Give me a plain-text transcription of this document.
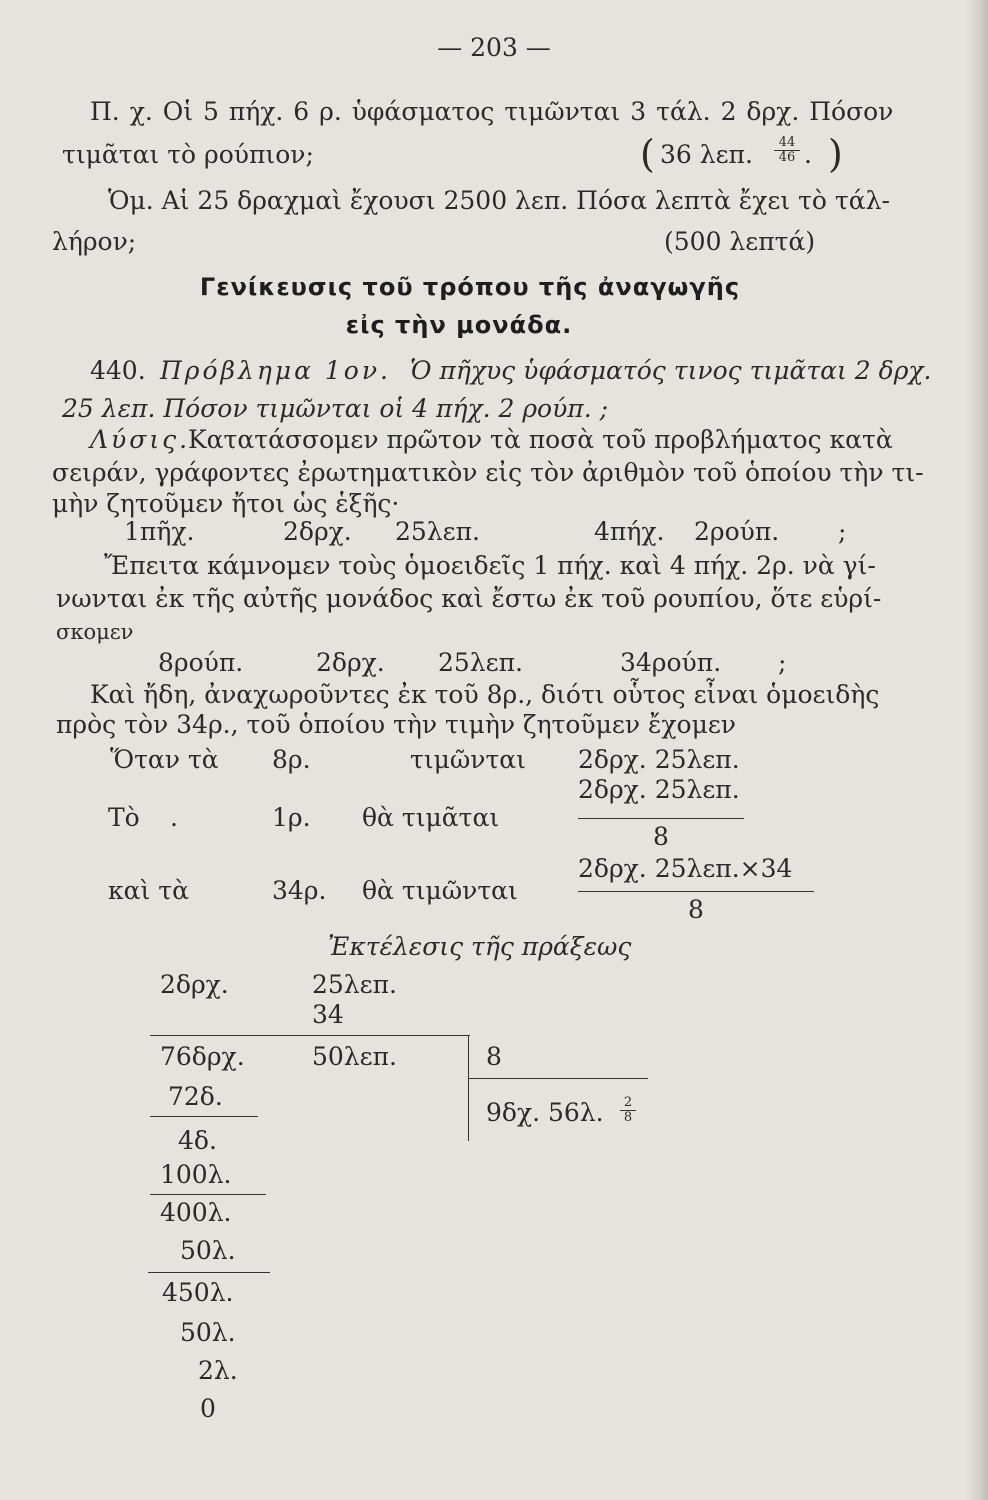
— 203 —
Π. χ. Οἱ 5 πήχ. 6 ρ. ὑφάσματος τιμῶνται 3 τάλ. 2 δρχ. Πόσον
τιμᾶται τὸ ρούπιον;	( 36 λεπ. $\frac{44}{46}$ . )
Ὁμ. Αἱ 25 δραχμαὶ ἔχουσι 2500 λεπ. Πόσα λεπτὰ ἔχει τὸ τάλ-
λήρον;	(500 λεπτά)
Γενίκευσις τοῦ τρόπου τῆς ἀναγωγῆς
εἰς τὴν μονάδα.
440. Πρόβλημα 1ον. Ὁ πῆχυς ὑφάσματός τινος τιμᾶται 2 δρχ.
25 λεπ. Πόσον τιμῶνται οἱ 4 πήχ. 2 ρούπ. ;
Λύσις.
Κατατάσσομεν πρῶτον τὰ ποσὰ τοῦ προβλήματος κατὰ
σειράν, γράφοντες ἐρωτηματικὸν εἰς τὸν ἀριθμὸν τοῦ ὁποίου τὴν τι-
μὴν ζητοῦμεν ἤτοι ὡς ἑξῆς·
1πῆχ.	2δρχ. 25λεπ.	4πήχ. 2ρούπ. ;
Ἔπειτα κάμνομεν τοὺς ὁμοειδεῖς 1 πήχ. καὶ 4 πήχ. 2ρ. νὰ γί-
νωνται ἐκ τῆς αὐτῆς μονάδος καὶ ἔστω ἐκ τοῦ ρουπίου, ὅτε εὑρί-
σκομεν
8ρούπ.	2δρχ. 25λεπ.	34ρούπ. ;
Καὶ ἤδη, ἀναχωροῦντες ἐκ τοῦ 8ρ., διότι οὗτος εἶναι ὁμοειδὴς
πρὸς τὸν 34ρ., τοῦ ὁποίου τὴν τιμὴν ζητοῦμεν ἔχομεν
Ὅταν τὰ 8ρ.	τιμῶνται 2δρχ. 25λεπ.
Τὸ .	1ρ. θὰ τιμᾶται
2δρχ. 25λεπ.
8
καὶ τὰ	34ρ. θὰ τιμῶνται
2δρχ. 25λεπ.×34
8
Ἐκτέλεσις τῆς πράξεως
2δρχ.	25λεπ.
34
76δρχ.	50λεπ.	8
9δχ. 56λ. $\frac{2}{8}$
72δ.
4δ.
100λ.
400λ.
50λ.
450λ.
50λ.
2λ.
0
